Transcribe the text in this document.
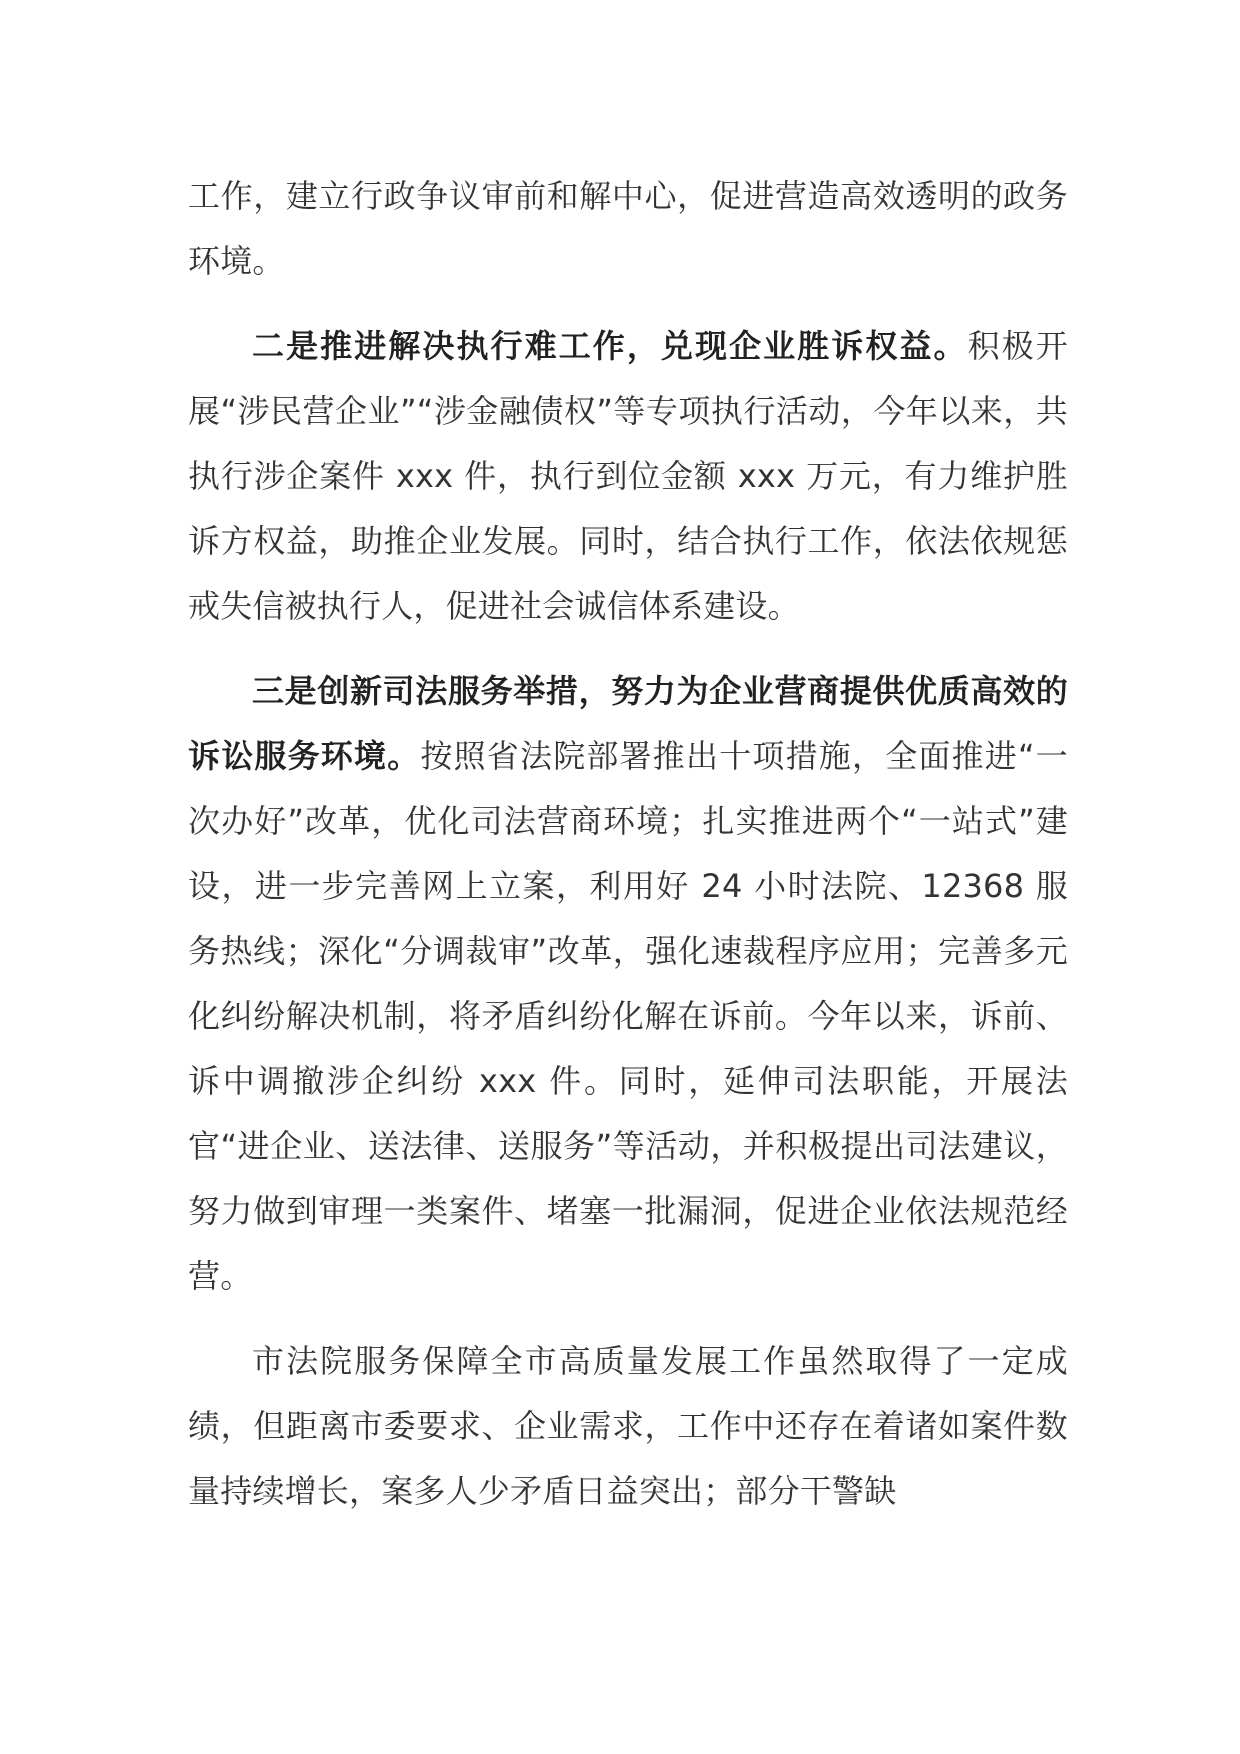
工作，建立行政争议审前和解中心，促进营造高效透明的政务环境。

二是推进解决执行难工作，兑现企业胜诉权益。积极开展“涉民营企业”“涉金融债权”等专项执行活动，今年以来，共执行涉企案件 xxx 件，执行到位金额 xxx 万元，有力维护胜诉方权益，助推企业发展。同时，结合执行工作，依法依规惩戒失信被执行人，促进社会诚信体系建设。

三是创新司法服务举措，努力为企业营商提供优质高效的诉讼服务环境。按照省法院部署推出十项措施，全面推进“一次办好”改革，优化司法营商环境；扎实推进两个“一站式”建设，进一步完善网上立案，利用好 24 小时法院、12368 服务热线；深化“分调裁审”改革，强化速裁程序应用；完善多元化纠纷解决机制，将矛盾纠纷化解在诉前。今年以来，诉前、诉中调撤涉企纠纷 xxx 件。同时，延伸司法职能，开展法官“进企业、送法律、送服务”等活动，并积极提出司法建议，努力做到审理一类案件、堵塞一批漏洞，促进企业依法规范经营。

市法院服务保障全市高质量发展工作虽然取得了一定成绩，但距离市委要求、企业需求，工作中还存在着诸如案件数量持续增长，案多人少矛盾日益突出；部分干警缺
